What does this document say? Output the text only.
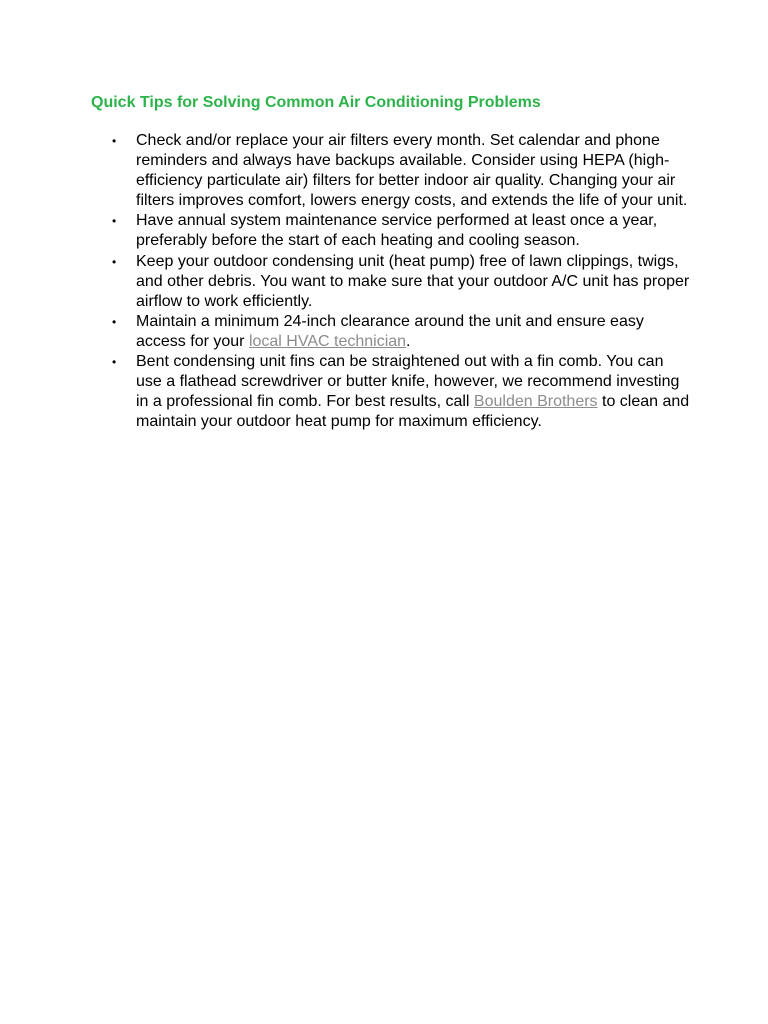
Quick Tips for Solving Common Air Conditioning Problems
• Check and/or replace your air filters every month. Set calendar and phone reminders and always have backups available. Consider using HEPA (high-efficiency particulate air) filters for better indoor air quality. Changing your air filters improves comfort, lowers energy costs, and extends the life of your unit.
• Have annual system maintenance service performed at least once a year, preferably before the start of each heating and cooling season.
• Keep your outdoor condensing unit (heat pump) free of lawn clippings, twigs, and other debris. You want to make sure that your outdoor A/C unit has proper airflow to work efficiently.
• Maintain a minimum 24-inch clearance around the unit and ensure easy access for your local HVAC technician.
• Bent condensing unit fins can be straightened out with a fin comb. You can use a flathead screwdriver or butter knife, however, we recommend investing in a professional fin comb. For best results, call Boulden Brothers to clean and maintain your outdoor heat pump for maximum efficiency.
